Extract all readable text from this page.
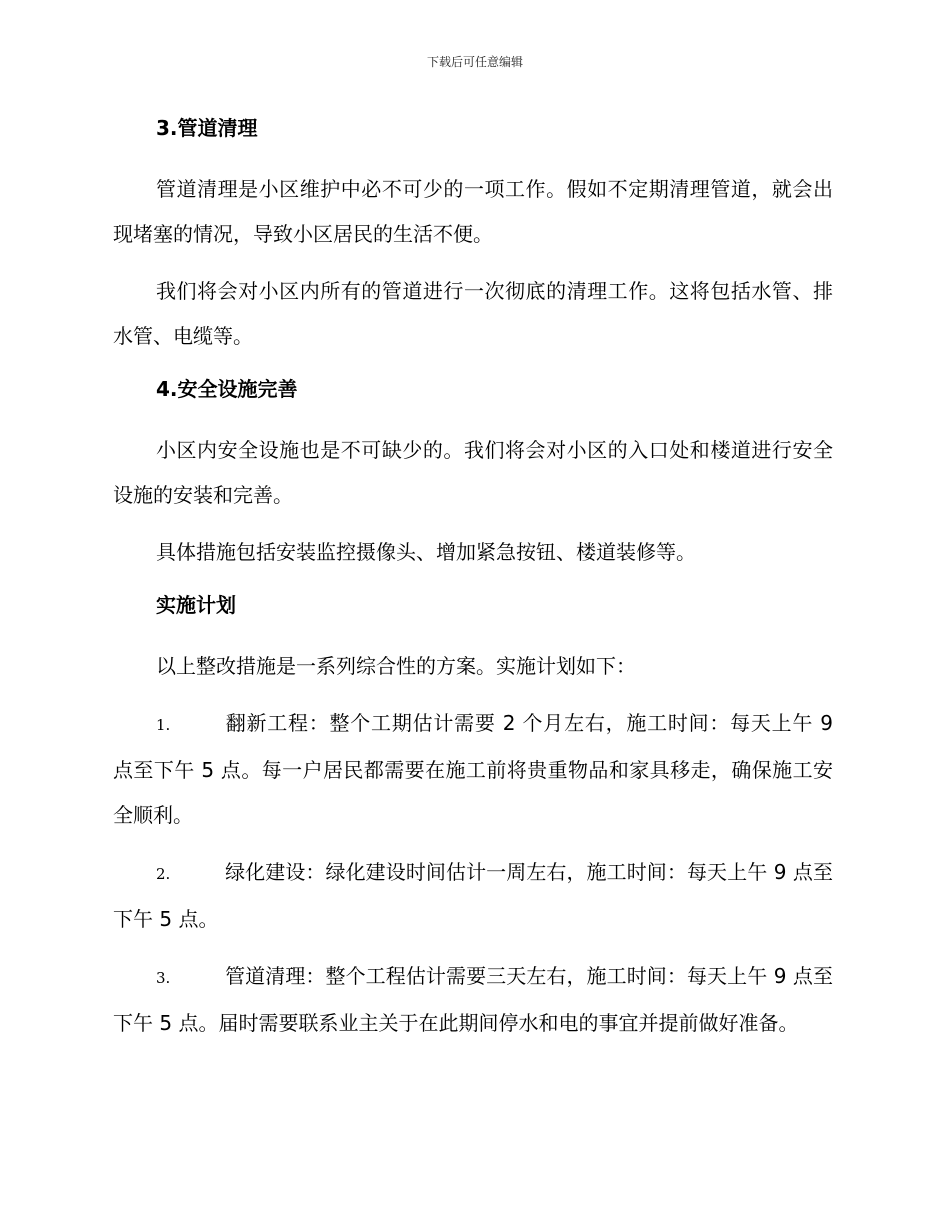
下载后可任意编辑
3.管道清理

管道清理是小区维护中必不可少的一项工作。假如不定期清理管道，就会出现堵塞的情况，导致小区居民的生活不便。

我们将会对小区内所有的管道进行一次彻底的清理工作。这将包括水管、排水管、电缆等。

4.安全设施完善

小区内安全设施也是不可缺少的。我们将会对小区的入口处和楼道进行安全设施的安装和完善。

具体措施包括安装监控摄像头、增加紧急按钮、楼道装修等。

实施计划

以上整改措施是一系列综合性的方案。实施计划如下：

1.	翻新工程：整个工期估计需要 2 个月左右，施工时间：每天上午 9 点至下午 5 点。每一户居民都需要在施工前将贵重物品和家具移走，确保施工安全顺利。

2.	绿化建设：绿化建设时间估计一周左右，施工时间：每天上午 9 点至下午 5 点。

3.	管道清理：整个工程估计需要三天左右，施工时间：每天上午 9 点至下午 5 点。届时需要联系业主关于在此期间停水和电的事宜并提前做好准备。
